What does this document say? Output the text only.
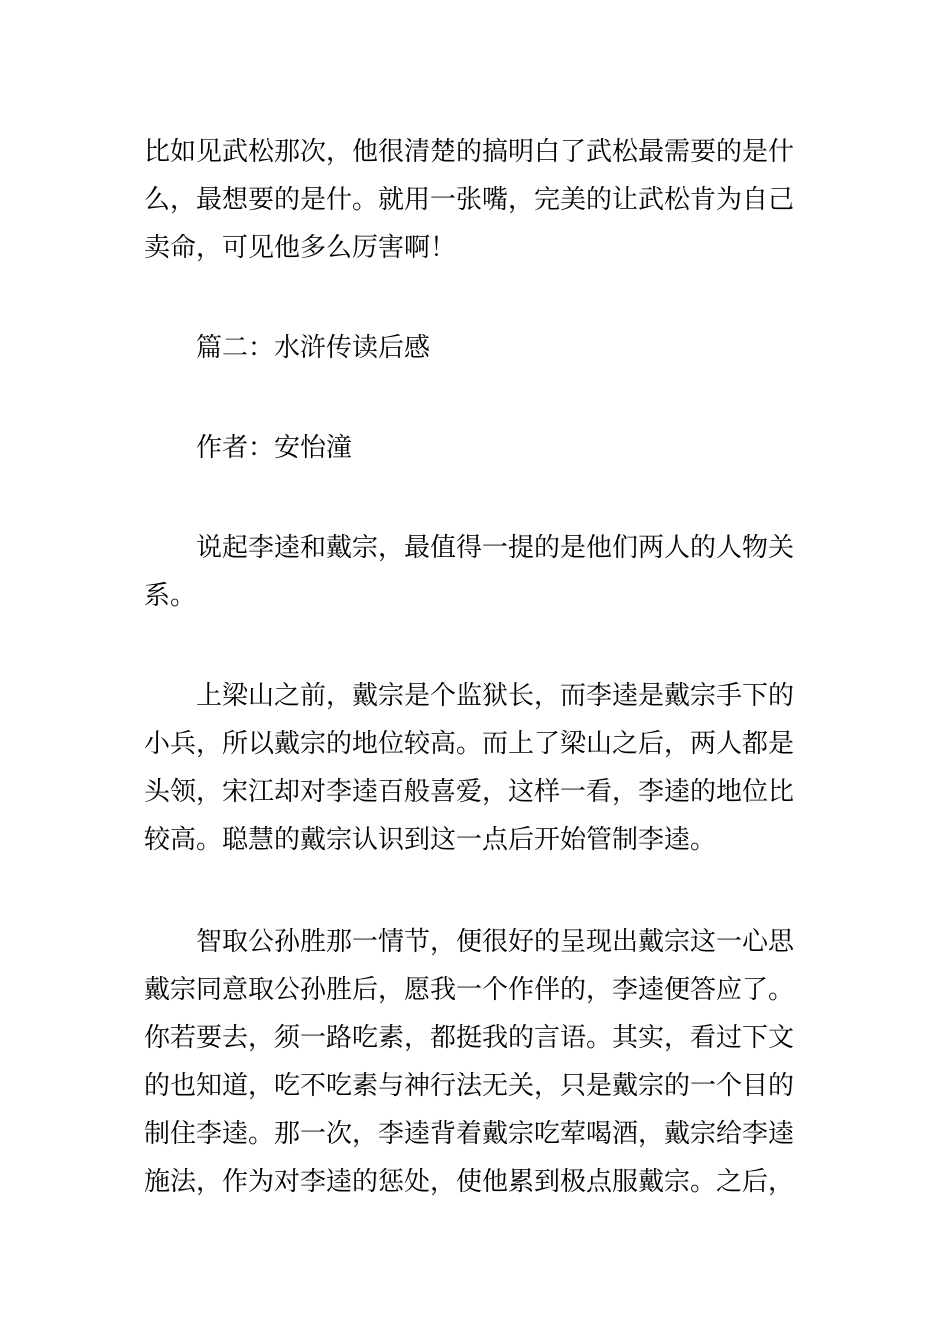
比如见武松那次，他很清楚的搞明白了武松最需要的是什
么，最想要的是什。就用一张嘴，完美的让武松肯为自己
卖命，可见他多么厉害啊！
篇二：水浒传读后感
作者：安怡潼
说起李逵和戴宗，最值得一提的是他们两人的人物关
系。
上梁山之前，戴宗是个监狱长，而李逵是戴宗手下的
小兵，所以戴宗的地位较高。而上了梁山之后，两人都是
头领，宋江却对李逵百般喜爱，这样一看，李逵的地位比
较高。聪慧的戴宗认识到这一点后开始管制李逵。
智取公孙胜那一情节，便很好的呈现出戴宗这一心思
戴宗同意取公孙胜后，愿我一个作伴的，李逵便答应了。
你若要去，须一路吃素，都挺我的言语。其实，看过下文
的也知道，吃不吃素与神行法无关，只是戴宗的一个目的
制住李逵。那一次，李逵背着戴宗吃荤喝酒，戴宗给李逵
施法，作为对李逵的惩处，使他累到极点服戴宗。之后，
